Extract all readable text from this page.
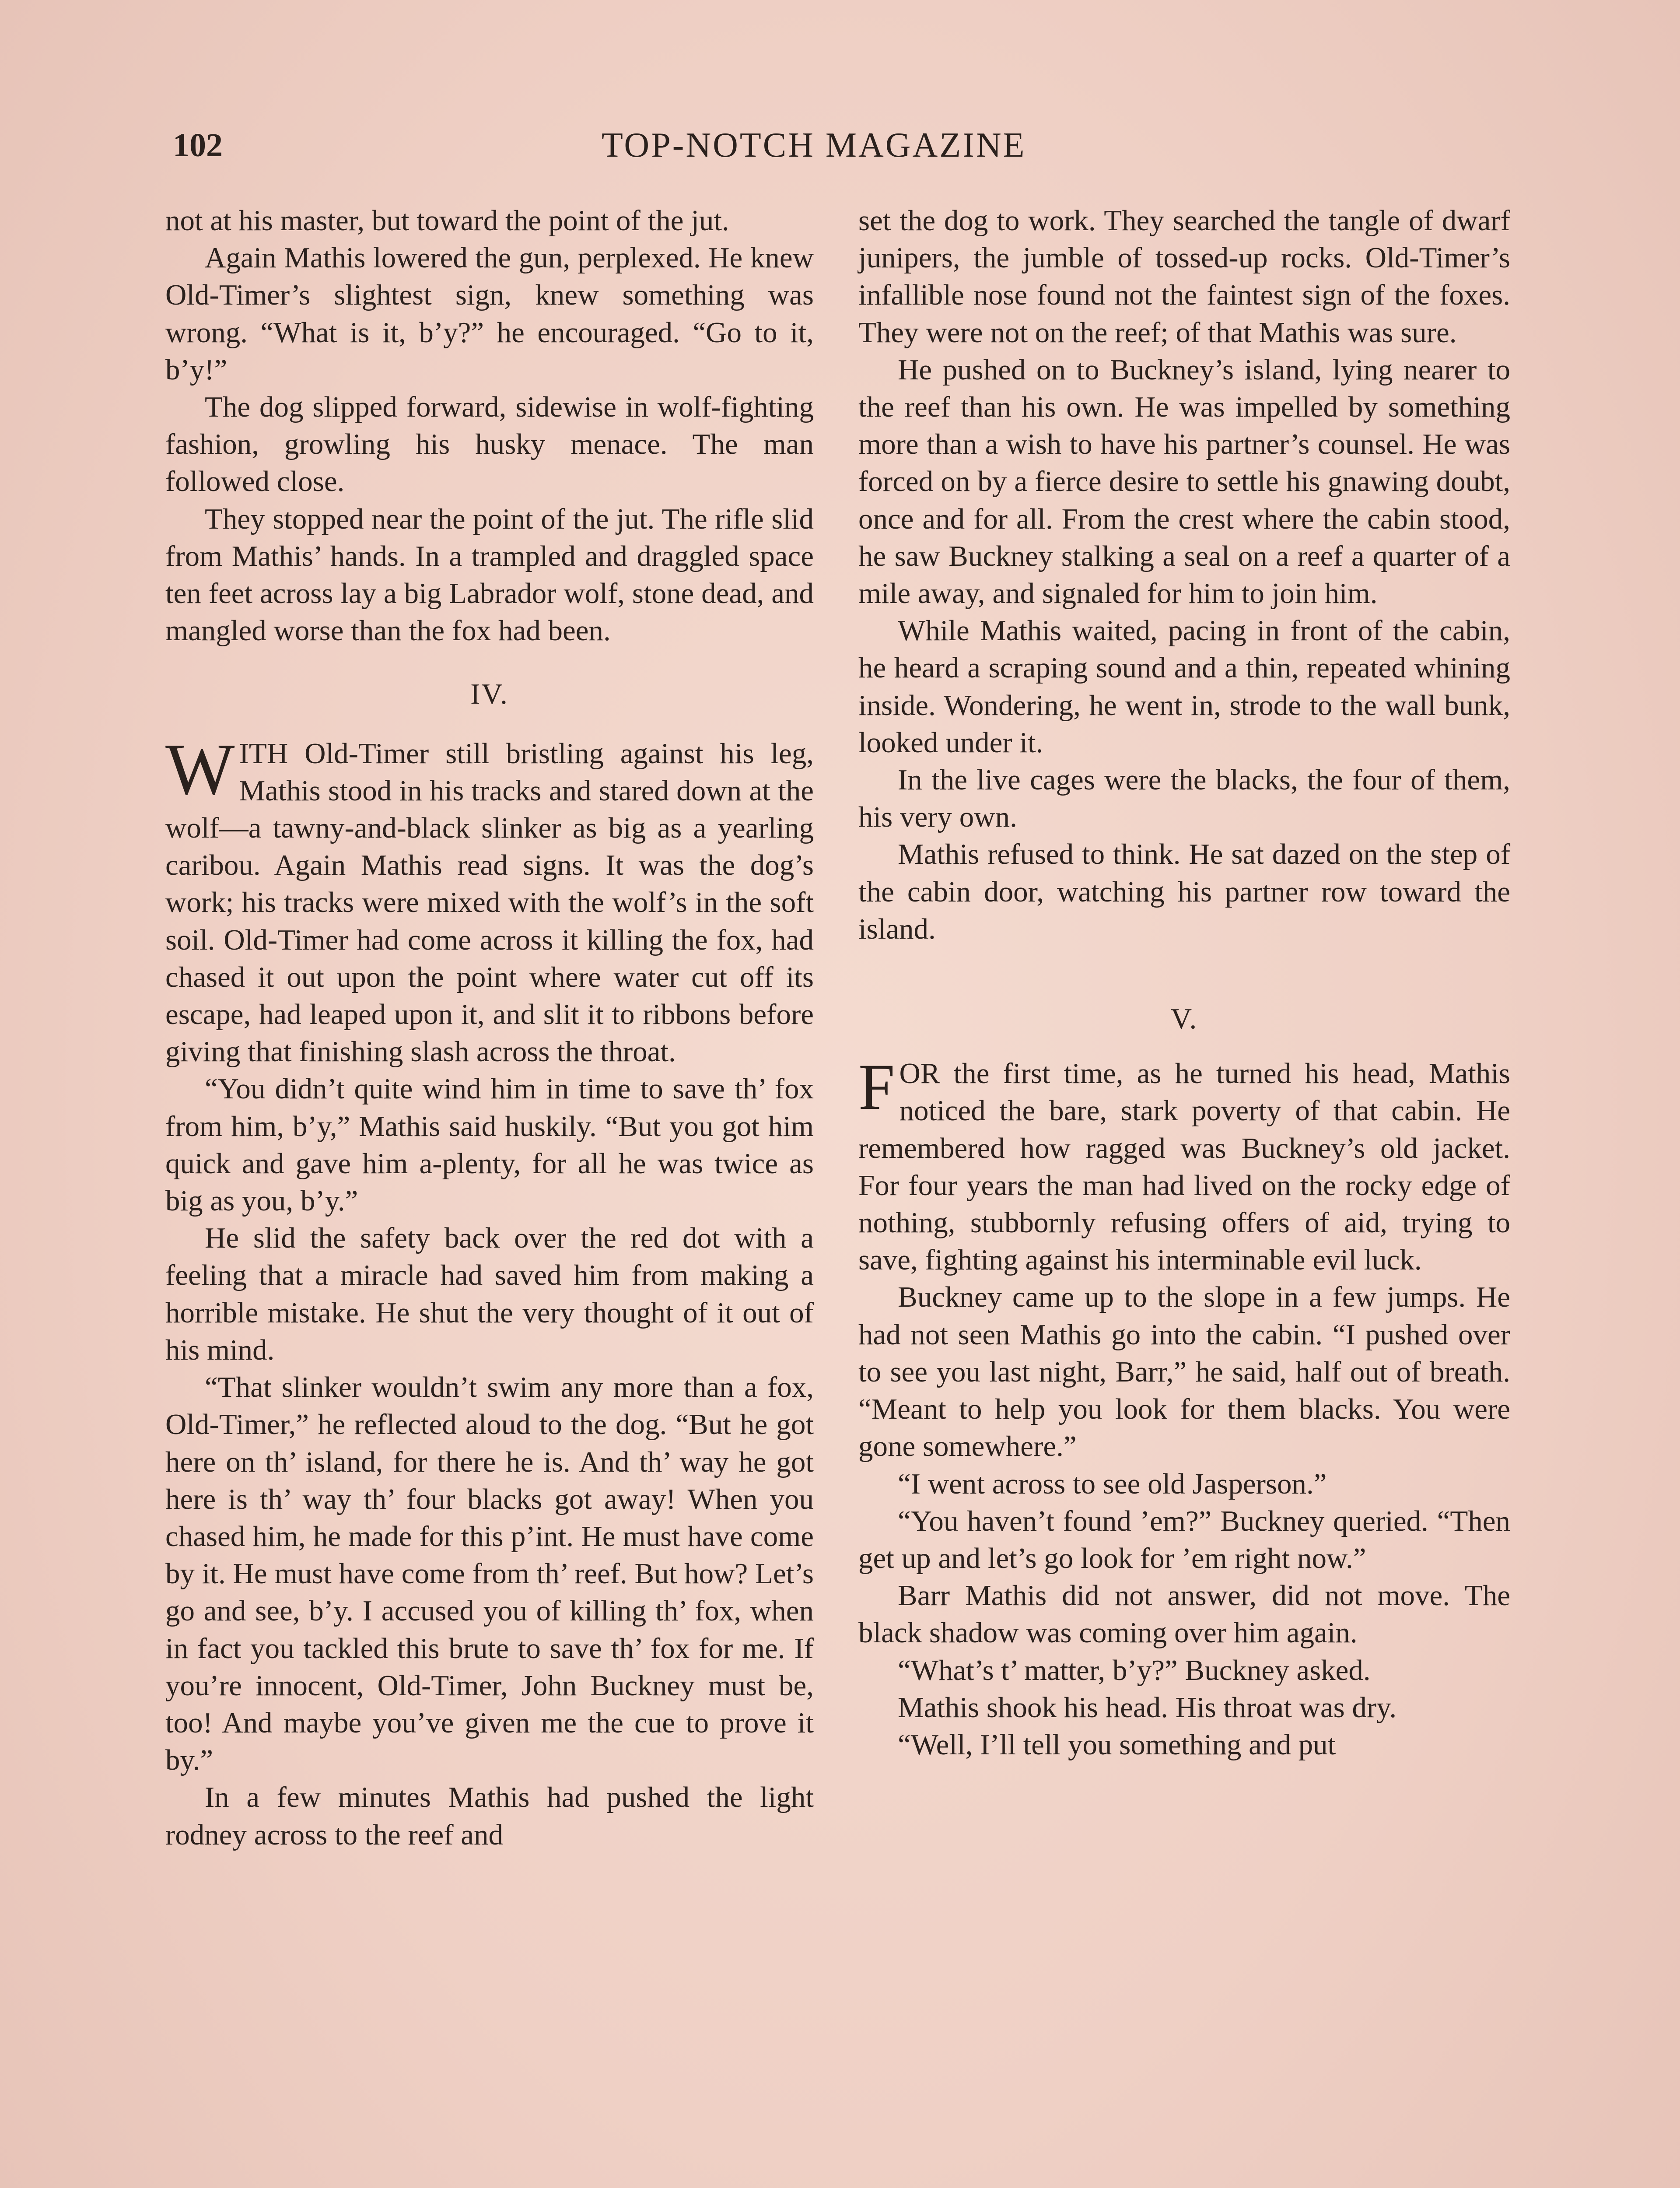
102	TOP-NOTCH MAGAZINE

not at his master, but toward the point of the jut.

Again Mathis lowered the gun, perplexed. He knew Old-Timer’s slightest sign, knew something was wrong. “What is it, b’y?” he encouraged. “Go to it, b’y!”

The dog slipped forward, sidewise in wolf-fighting fashion, growling his husky menace. The man followed close.

They stopped near the point of the jut. The rifle slid from Mathis’ hands. In a trampled and draggled space ten feet across lay a big Labrador wolf, stone dead, and mangled worse than the fox had been.

IV.

WITH Old-Timer still bristling against his leg, Mathis stood in his tracks and stared down at the wolf—a tawny-and-black slinker as big as a yearling caribou. Again Mathis read signs. It was the dog’s work; his tracks were mixed with the wolf’s in the soft soil. Old-Timer had come across it killing the fox, had chased it out upon the point where water cut off its escape, had leaped upon it, and slit it to ribbons before giving that finishing slash across the throat.

“You didn’t quite wind him in time to save th’ fox from him, b’y,” Mathis said huskily. “But you got him quick and gave him a-plenty, for all he was twice as big as you, b’y.”

He slid the safety back over the red dot with a feeling that a miracle had saved him from making a horrible mistake. He shut the very thought of it out of his mind.

“That slinker wouldn’t swim any more than a fox, Old-Timer,” he reflected aloud to the dog. “But he got here on th’ island, for there he is. And th’ way he got here is th’ way th’ four blacks got away! When you chased him, he made for this p’int. He must have come by it. He must have come from th’ reef. But how? Let’s go and see, b’y. I accused you of killing th’ fox, when in fact you tackled this brute to save th’ fox for me. If you’re innocent, Old-Timer, John Buckney must be, too! And maybe you’ve given me the cue to prove it by.”

In a few minutes Mathis had pushed the light rodney across to the reef and

set the dog to work. They searched the tangle of dwarf junipers, the jumble of tossed-up rocks. Old-Timer’s infallible nose found not the faintest sign of the foxes. They were not on the reef; of that Mathis was sure.

He pushed on to Buckney’s island, lying nearer to the reef than his own. He was impelled by something more than a wish to have his partner’s counsel. He was forced on by a fierce desire to settle his gnawing doubt, once and for all. From the crest where the cabin stood, he saw Buckney stalking a seal on a reef a quarter of a mile away, and signaled for him to join him.

While Mathis waited, pacing in front of the cabin, he heard a scraping sound and a thin, repeated whining inside. Wondering, he went in, strode to the wall bunk, looked under it.

In the live cages were the blacks, the four of them, his very own.

Mathis refused to think. He sat dazed on the step of the cabin door, watching his partner row toward the island.

V.

FOR the first time, as he turned his head, Mathis noticed the bare, stark poverty of that cabin. He remembered how ragged was Buckney’s old jacket. For four years the man had lived on the rocky edge of nothing, stubbornly refusing offers of aid, trying to save, fighting against his interminable evil luck.

Buckney came up to the slope in a few jumps. He had not seen Mathis go into the cabin. “I pushed over to see you last night, Barr,” he said, half out of breath. “Meant to help you look for them blacks. You were gone somewhere.”

“I went across to see old Jasperson.”

“You haven’t found ’em?” Buckney queried. “Then get up and let’s go look for ’em right now.”

Barr Mathis did not answer, did not move. The black shadow was coming over him again.

“What’s t’ matter, b’y?” Buckney asked.

Mathis shook his head. His throat was dry.

“Well, I’ll tell you something and put
